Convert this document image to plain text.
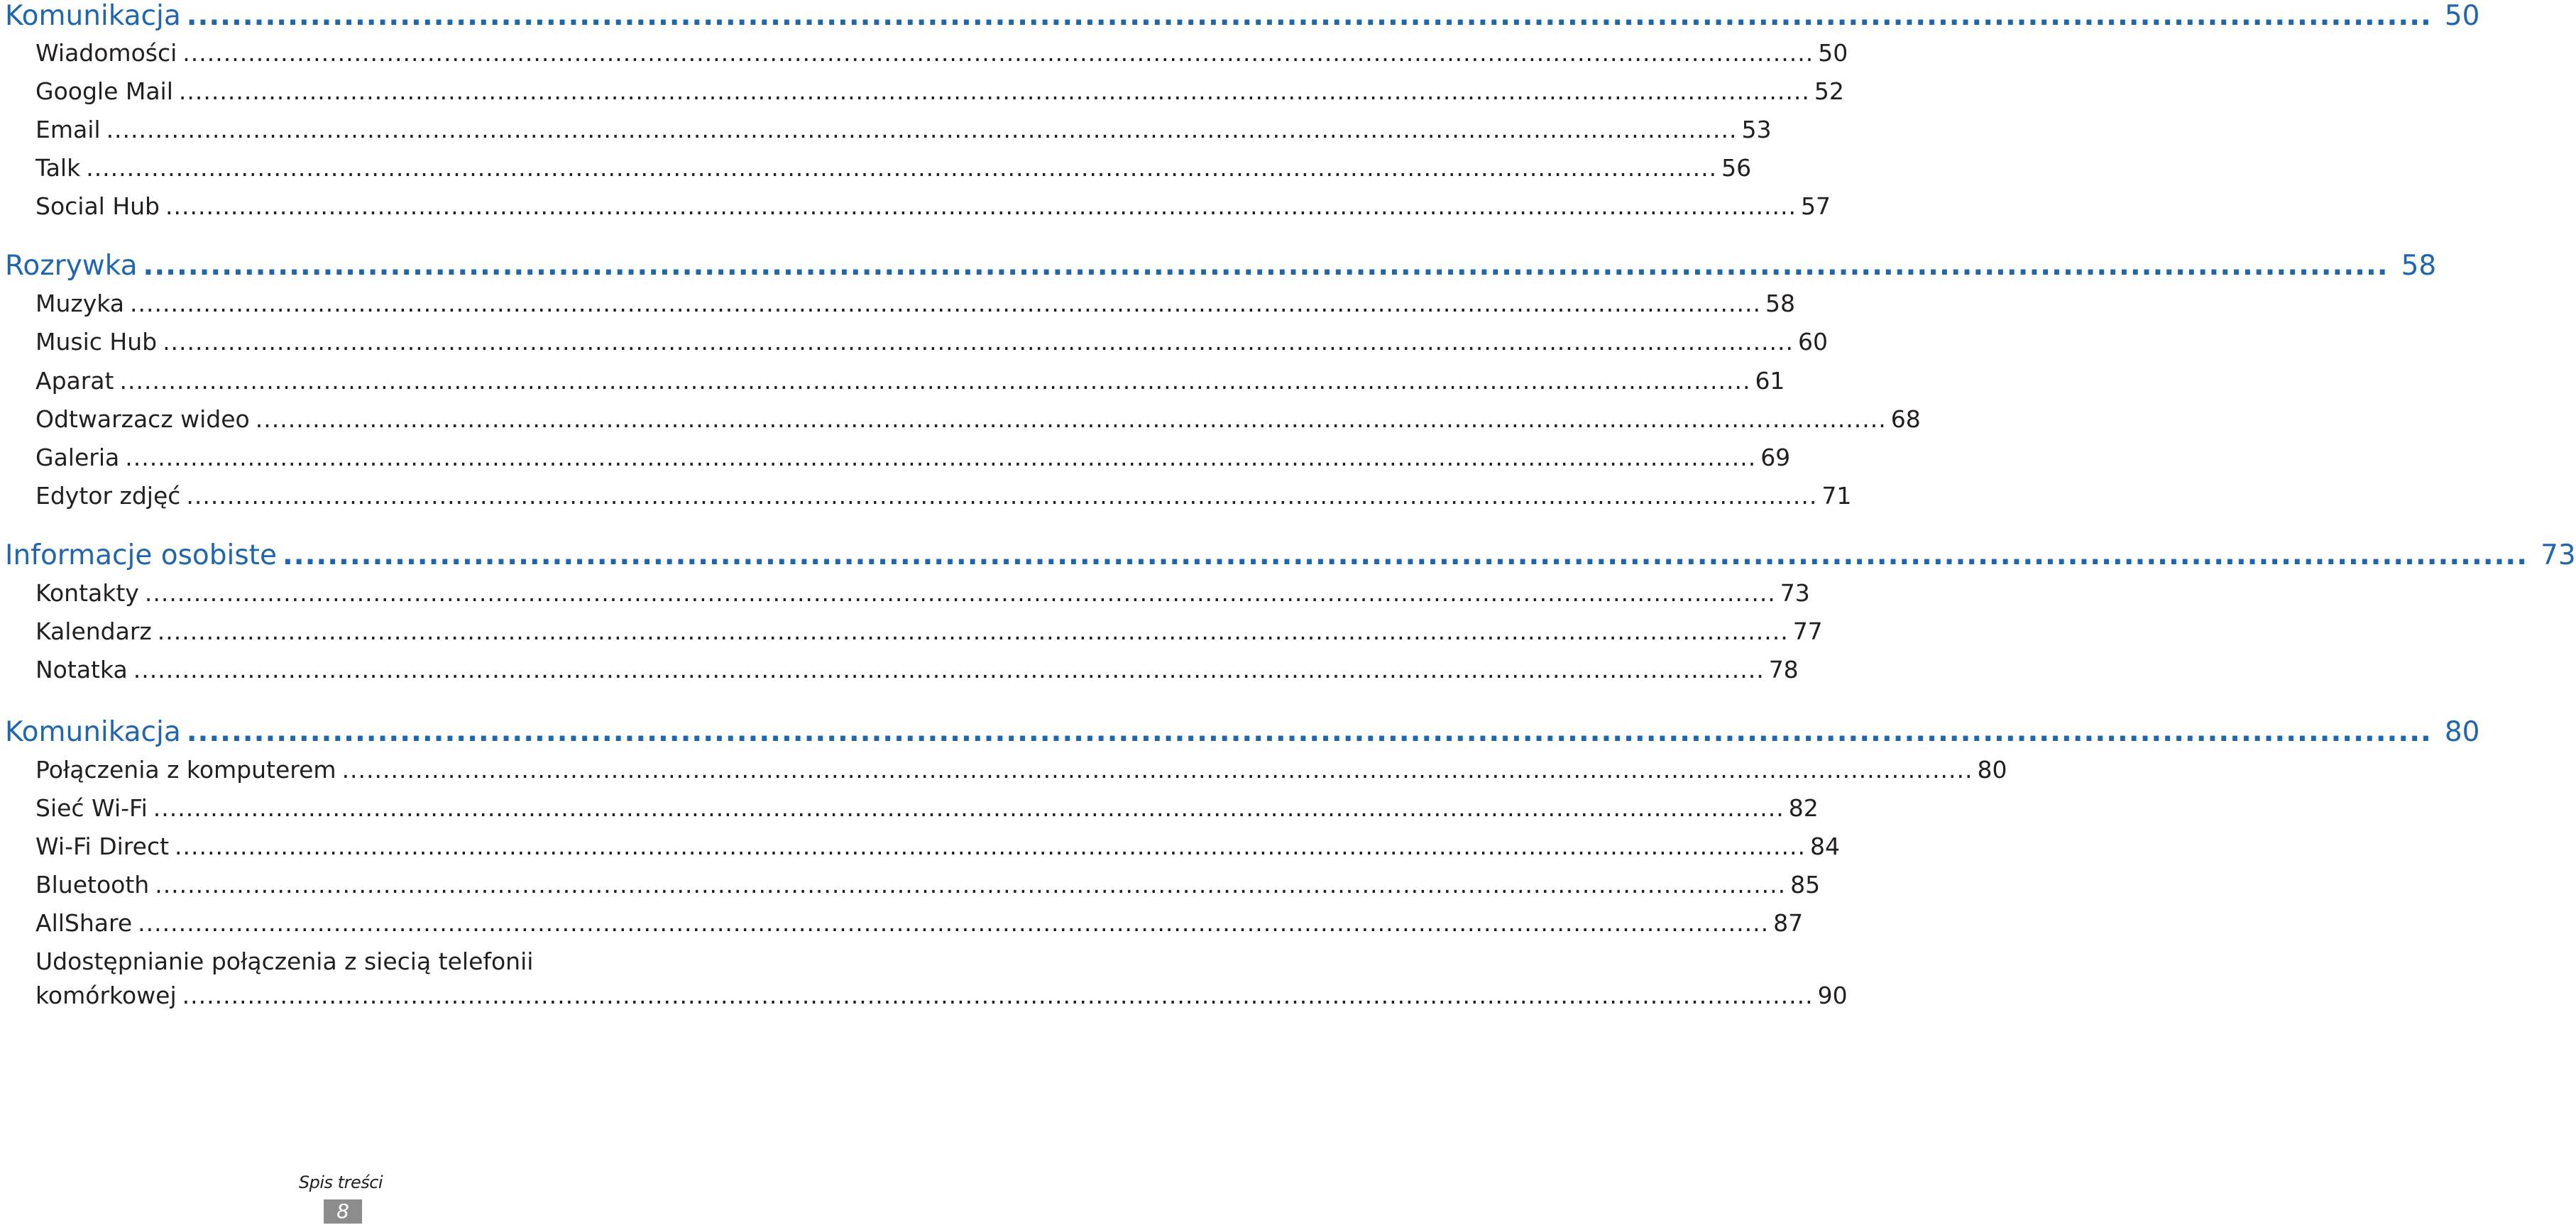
Komunikacja ........................................................................................................................................................................................................ 50
Wiadomości ........................................................................................................................................................................................................ 50
Google Mail ........................................................................................................................................................................................................ 52
Email ........................................................................................................................................................................................................ 53
Talk ........................................................................................................................................................................................................ 56
Social Hub ........................................................................................................................................................................................................ 57
Rozrywka ........................................................................................................................................................................................................ 58
Muzyka ........................................................................................................................................................................................................ 58
Music Hub ........................................................................................................................................................................................................ 60
Aparat ........................................................................................................................................................................................................ 61
Odtwarzacz wideo ........................................................................................................................................................................................................ 68
Galeria ........................................................................................................................................................................................................ 69
Edytor zdjęć ........................................................................................................................................................................................................ 71
Informacje osobiste ........................................................................................................................................................................................................ 73
Kontakty ........................................................................................................................................................................................................ 73
Kalendarz ........................................................................................................................................................................................................ 77
Notatka ........................................................................................................................................................................................................ 78
Komunikacja ........................................................................................................................................................................................................ 80
Połączenia z komputerem ........................................................................................................................................................................................................ 80
Sieć Wi-Fi ........................................................................................................................................................................................................ 82
Wi-Fi Direct ........................................................................................................................................................................................................ 84
Bluetooth ........................................................................................................................................................................................................ 85
AllShare ........................................................................................................................................................................................................ 87
Udostępnianie połączenia z siecią telefonii
komórkowej ........................................................................................................................................................................................................ 90
Spis treści
8
